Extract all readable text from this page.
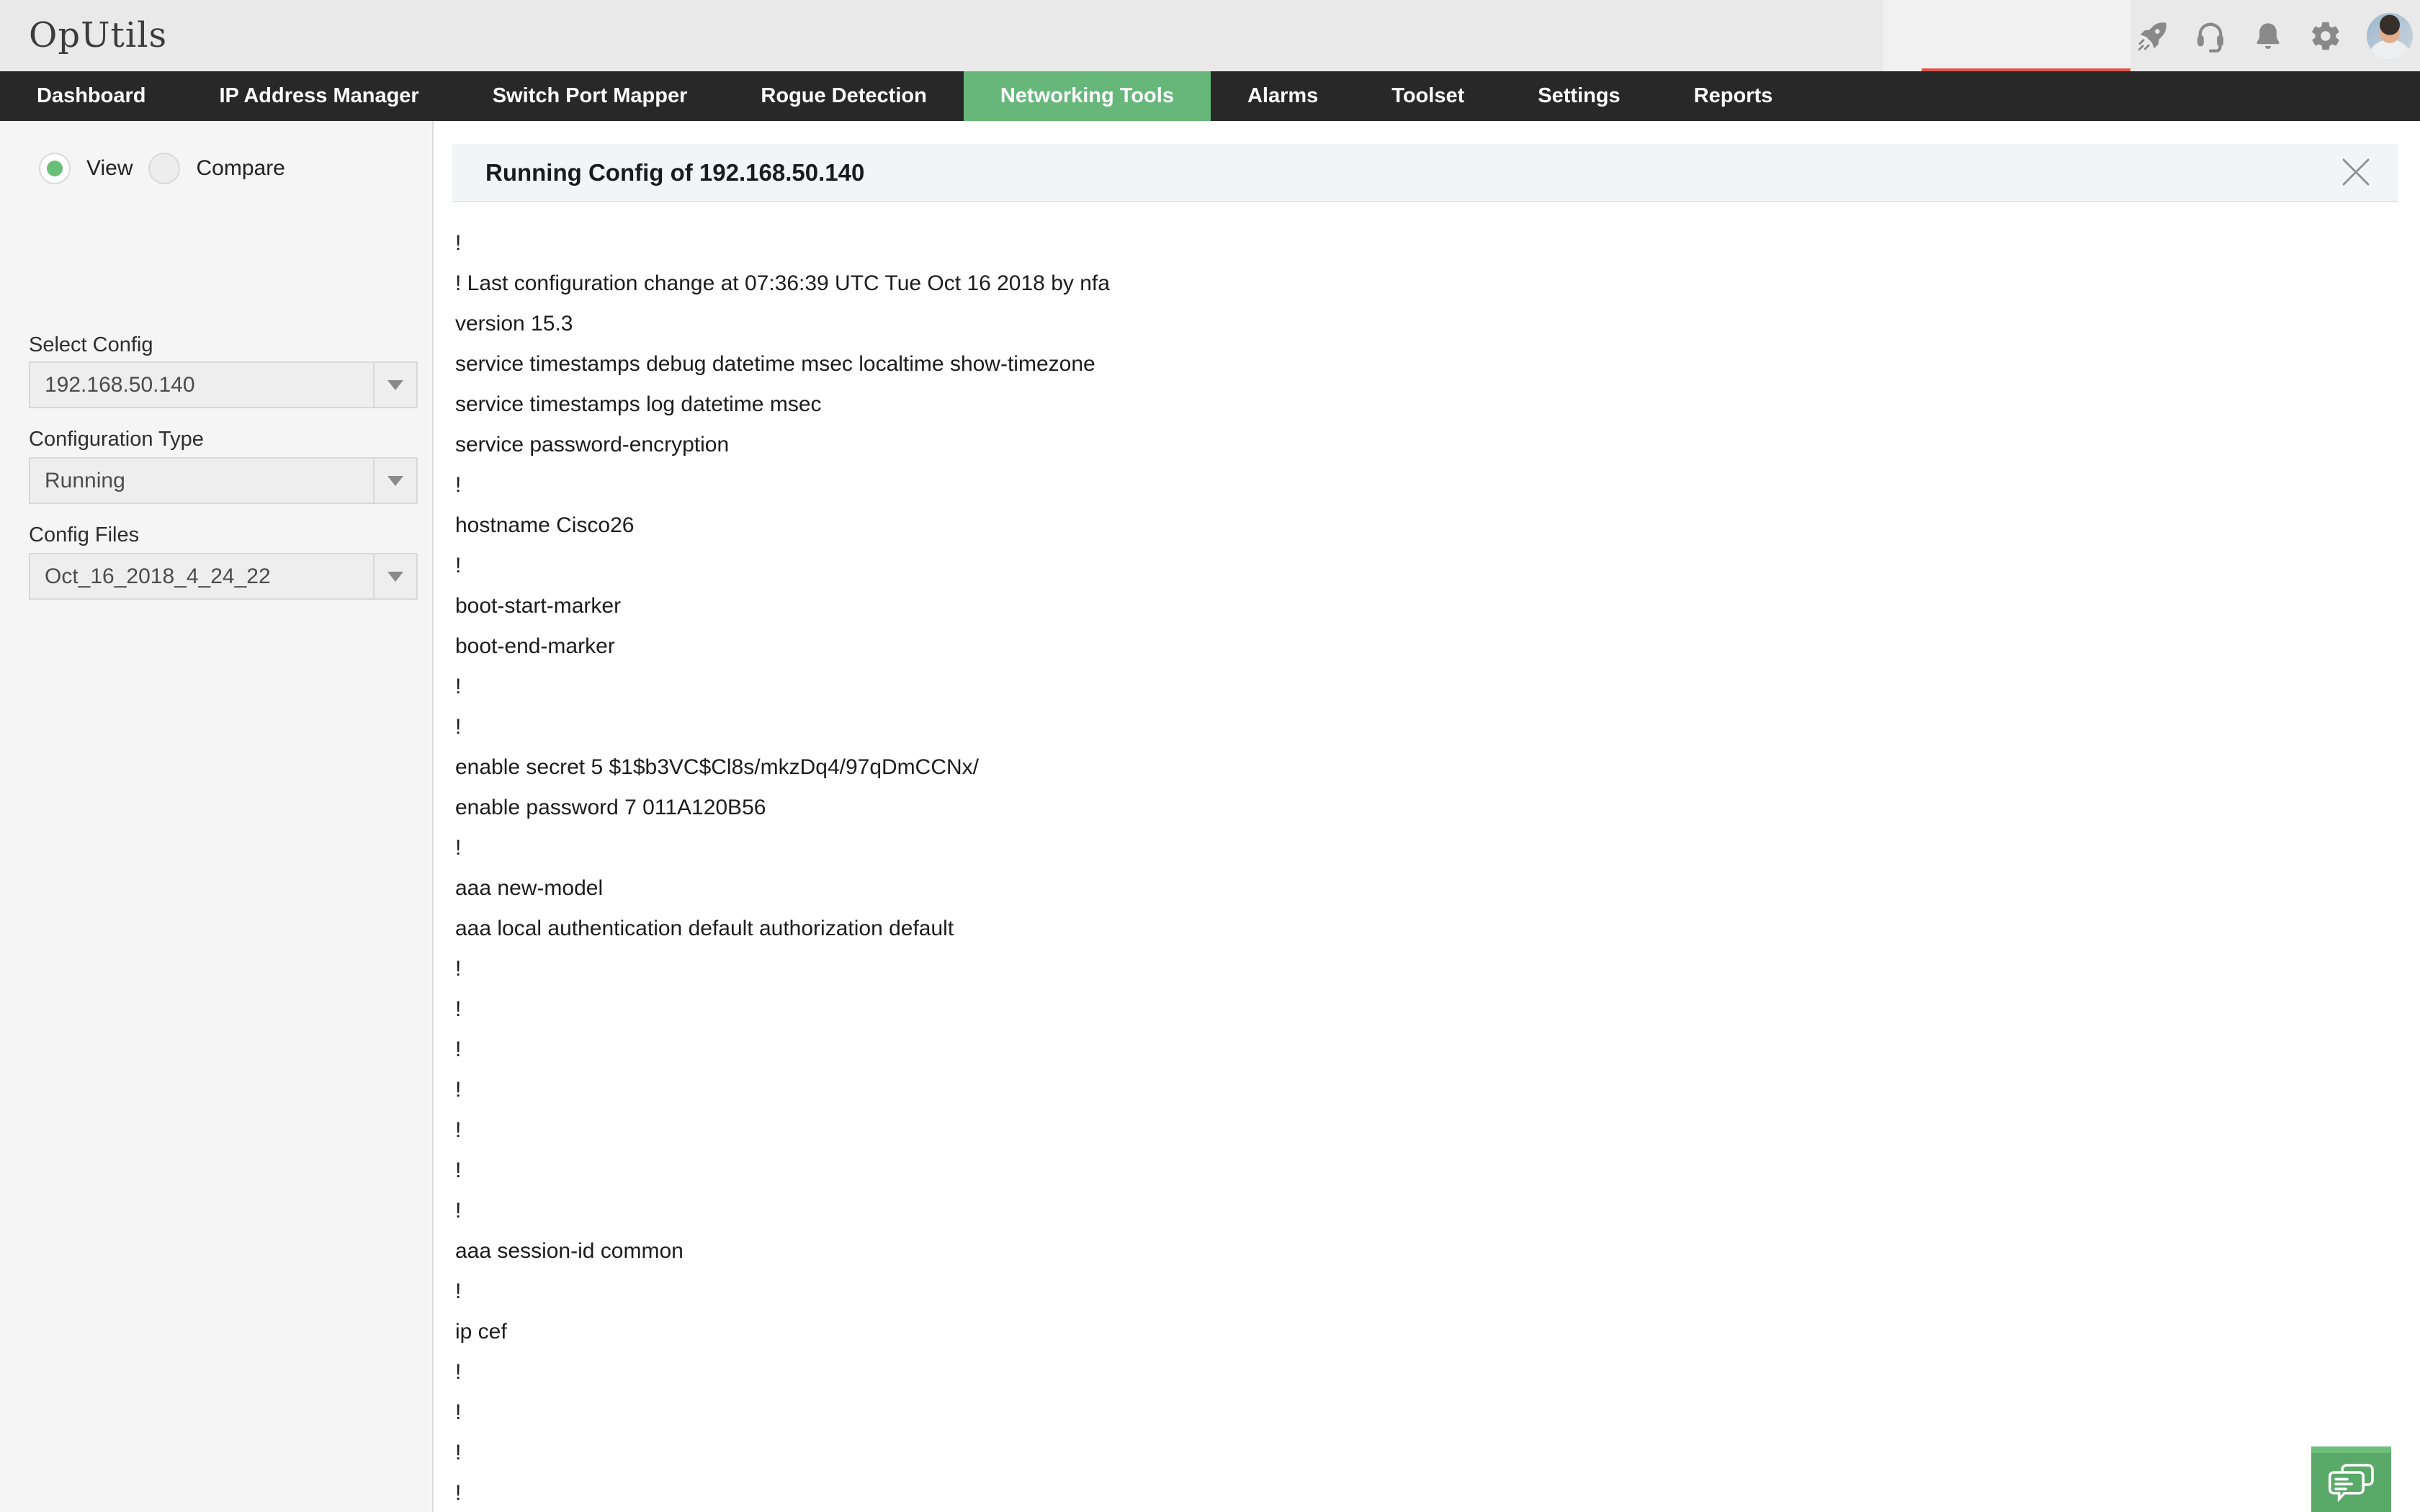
OpUtils
Dashboard	IP Address Manager	Switch Port Mapper	Rogue Detection	Networking Tools	Alarms	Toolset	Settings	Reports
View	Compare
Select Config
192.168.50.140
Configuration Type
Running
Config Files
Oct_16_2018_4_24_22
Running Config of 192.168.50.140
!
! Last configuration change at 07:36:39 UTC Tue Oct 16 2018 by nfa
version 15.3
service timestamps debug datetime msec localtime show-timezone
service timestamps log datetime msec
service password-encryption
!
hostname Cisco26
!
boot-start-marker
boot-end-marker
!
!
enable secret 5 $1$b3VC$Cl8s/mkzDq4/97qDmCCNx/
enable password 7 011A120B56
!
aaa new-model
aaa local authentication default authorization default
!
!
!
!
!
!
!
aaa session-id common
!
ip cef
!
!
!
!
